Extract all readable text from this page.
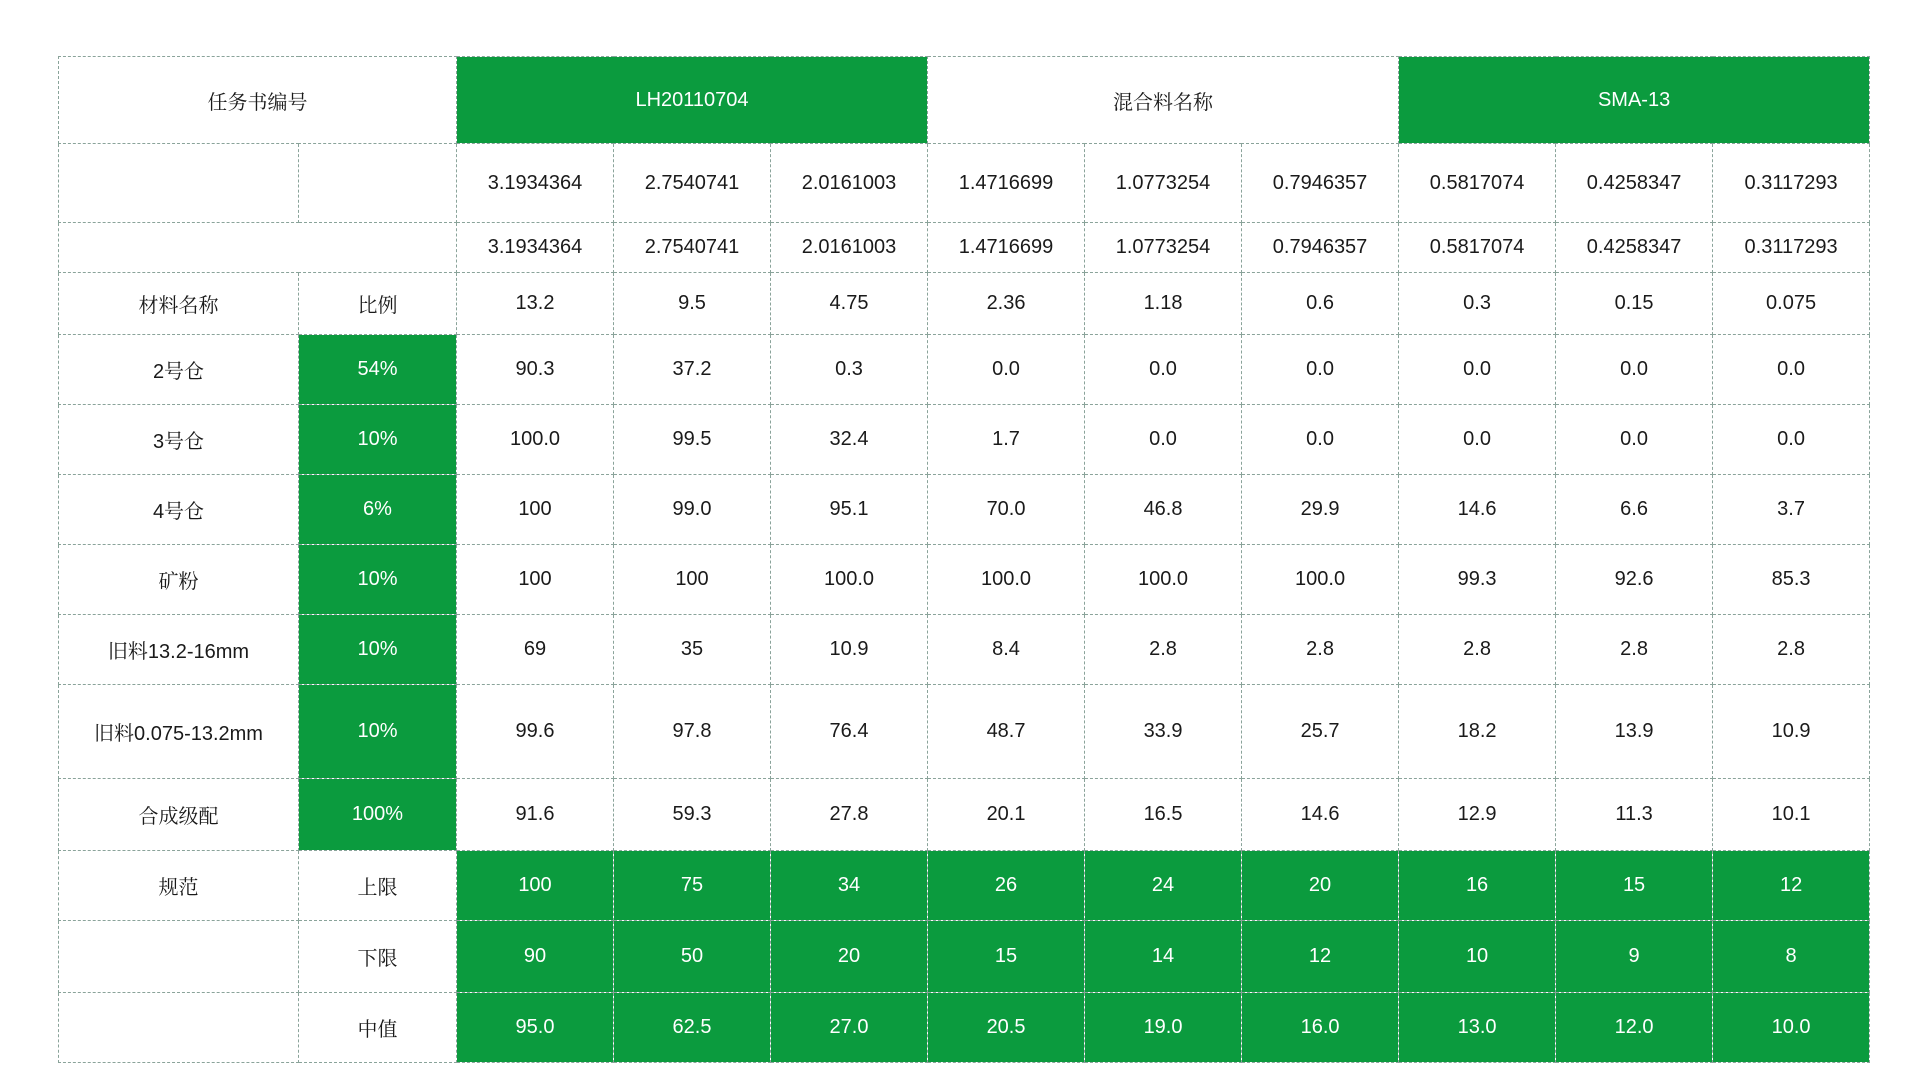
任务书编号		LH20110704			混合料名称			SMA-13		
		3.1934364	2.7540741	2.0161003	1.4716699	1.0773254	0.7946357	0.5817074	0.4258347	0.3117293
		3.1934364	2.7540741	2.0161003	1.4716699	1.0773254	0.7946357	0.5817074	0.4258347	0.3117293
材料名称	比例	13.2	9.5	4.75	2.36	1.18	0.6	0.3	0.15	0.075
2号仓	54%	90.3	37.2	0.3	0.0	0.0	0.0	0.0	0.0	0.0
3号仓	10%	100.0	99.5	32.4	1.7	0.0	0.0	0.0	0.0	0.0
4号仓	6%	100	99.0	95.1	70.0	46.8	29.9	14.6	6.6	3.7
矿粉	10%	100	100	100.0	100.0	100.0	100.0	99.3	92.6	85.3
旧料13.2-16mm	10%	69	35	10.9	8.4	2.8	2.8	2.8	2.8	2.8
旧料0.075-13.2mm	10%	99.6	97.8	76.4	48.7	33.9	25.7	18.2	13.9	10.9
合成级配	100%	91.6	59.3	27.8	20.1	16.5	14.6	12.9	11.3	10.1
规范	上限	100	75	34	26	24	20	16	15	12
	下限	90	50	20	15	14	12	10	9	8
	中值	95.0	62.5	27.0	20.5	19.0	16.0	13.0	12.0	10.0
